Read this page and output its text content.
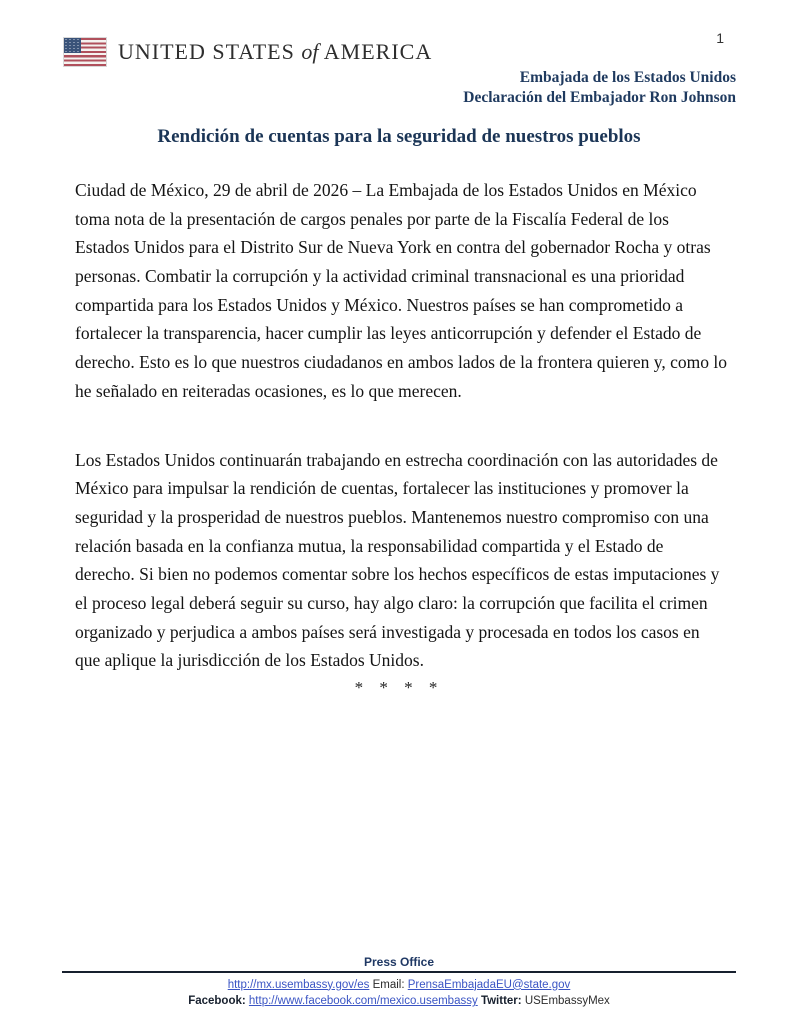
1
UNITED STATES of AMERICA
Embajada de los Estados Unidos
Declaración del Embajador Ron Johnson
Rendición de cuentas para la seguridad de nuestros pueblos

Ciudad de México, 29 de abril de 2026 – La Embajada de los Estados Unidos en México toma nota de la presentación de cargos penales por parte de la Fiscalía Federal de los Estados Unidos para el Distrito Sur de Nueva York en contra del gobernador Rocha y otras personas. Combatir la corrupción y la actividad criminal transnacional es una prioridad compartida para los Estados Unidos y México. Nuestros países se han comprometido a fortalecer la transparencia, hacer cumplir las leyes anticorrupción y defender el Estado de derecho. Esto es lo que nuestros ciudadanos en ambos lados de la frontera quieren y, como lo he señalado en reiteradas ocasiones, es lo que merecen.

Los Estados Unidos continuarán trabajando en estrecha coordinación con las autoridades de México para impulsar la rendición de cuentas, fortalecer las instituciones y promover la seguridad y la prosperidad de nuestros pueblos. Mantenemos nuestro compromiso con una relación basada en la confianza mutua, la responsabilidad compartida y el Estado de derecho. Si bien no podemos comentar sobre los hechos específicos de estas imputaciones y el proceso legal deberá seguir su curso, hay algo claro: la corrupción que facilita el crimen organizado y perjudica a ambos países será investigada y procesada en todos los casos en que aplique la jurisdicción de los Estados Unidos.

* * * *
Press Office
http://mx.usembassy.gov/es Email: PrensaEmbajadaEU@state.gov
Facebook: http://www.facebook.com/mexico.usembassy Twitter: USEmbassyMex
